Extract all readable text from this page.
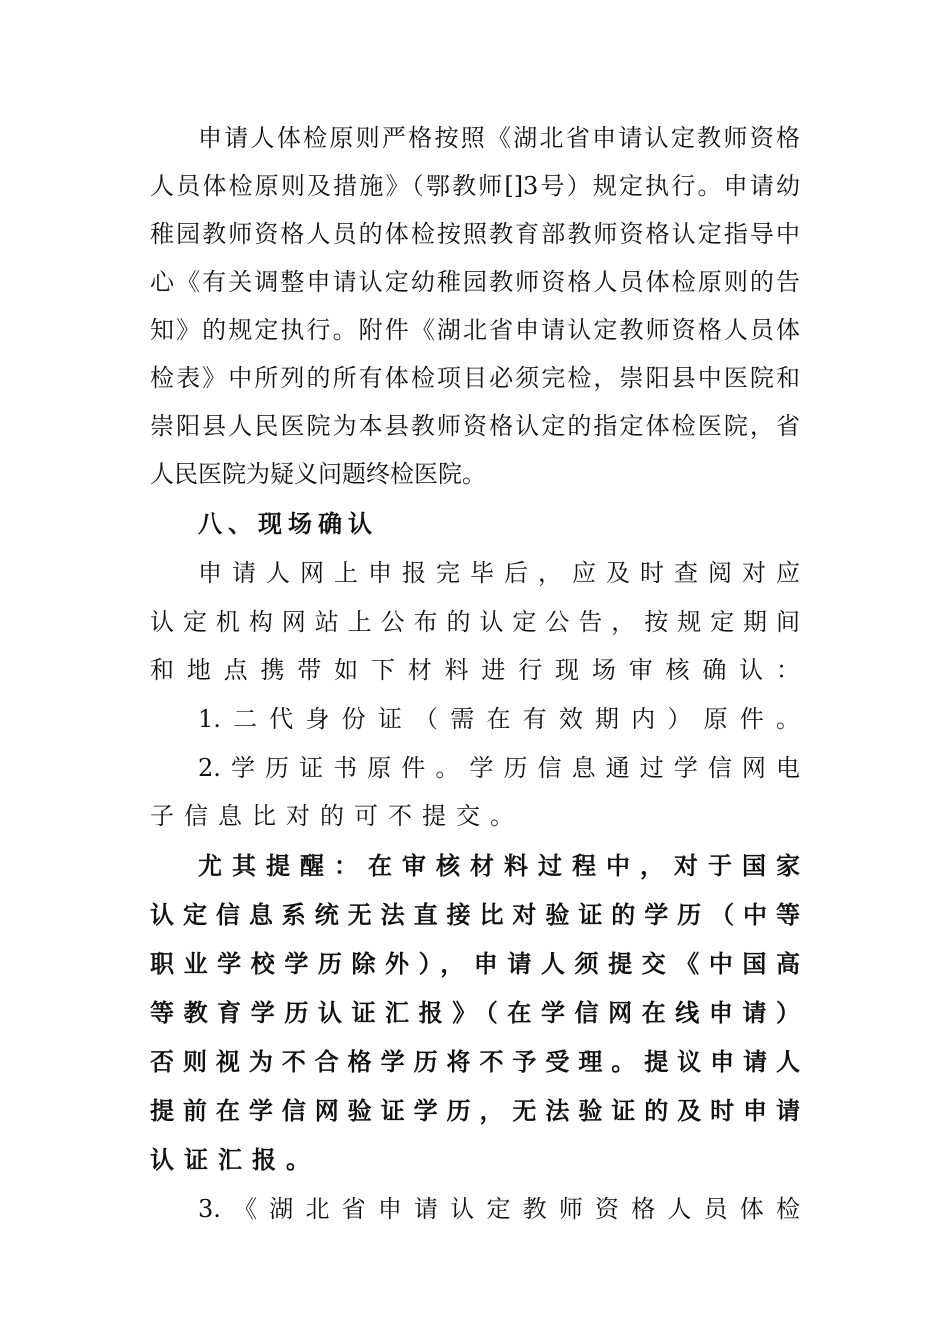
申请人体检原则严格按照《湖北省申请认定教师资格
人员体检原则及措施》（鄂教师[]3号）规定执行。申请幼
稚园教师资格人员的体检按照教育部教师资格认定指导中
心《有关调整申请认定幼稚园教师资格人员体检原则的告
知》的规定执行。附件《湖北省申请认定教师资格人员体
检表》中所列的所有体检项目必须完检，崇阳县中医院和
崇阳县人民医院为本县教师资格认定的指定体检医院，省
人民医院为疑义问题终检医院。
八、现场确认
申请人网上申报完毕后，应及时查阅对应
认定机构网站上公布的认定公告，按规定期间
和地点携带如下材料进行现场审核确认：
1.二代身份证（需在有效期内）原件。
2.学历证书原件。学历信息通过学信网电
子信息比对的可不提交。
尤其提醒：在审核材料过程中，对于国家
认定信息系统无法直接比对验证的学历（中等
职业学校学历除外），申请人须提交《中国高
等教育学历认证汇报》（在学信网在线申请）
否则视为不合格学历将不予受理。提议申请人
提前在学信网验证学历，无法验证的及时申请
认证汇报。
3.《湖北省申请认定教师资格人员体检
